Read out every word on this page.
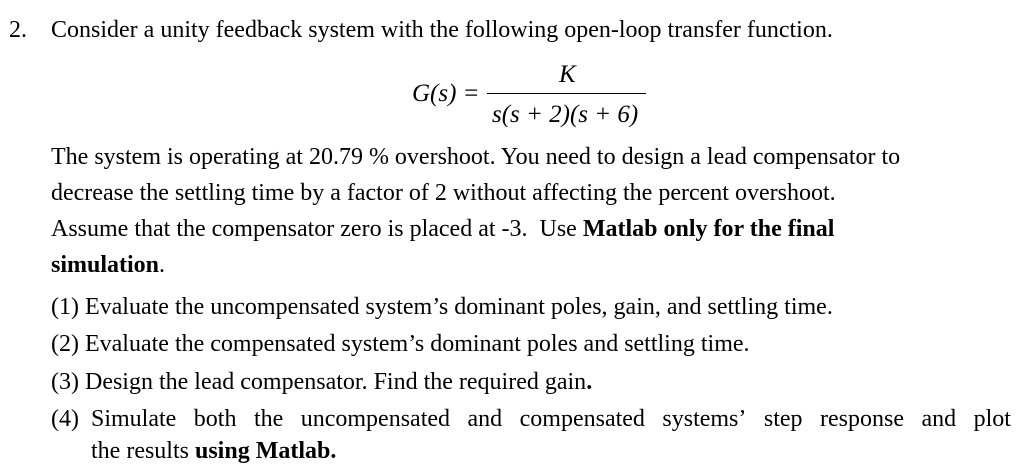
2. Consider a unity feedback system with the following open-loop transfer function.
G(s) =
K
s(s + 2)(s + 6)
The system is operating at 20.79 % overshoot. You need to design a lead compensator to
decrease the settling time by a factor of 2 without affecting the percent overshoot.
Assume that the compensator zero is placed at -3.  Use Matlab only for the final
simulation.
(1) Evaluate the uncompensated system’s dominant poles, gain, and settling time.
(2) Evaluate the compensated system’s dominant poles and settling time.
(3) Design the lead compensator. Find the required gain.
(4) Simulate both the uncompensated and compensated systems’ step response and plot
the results using Matlab.
